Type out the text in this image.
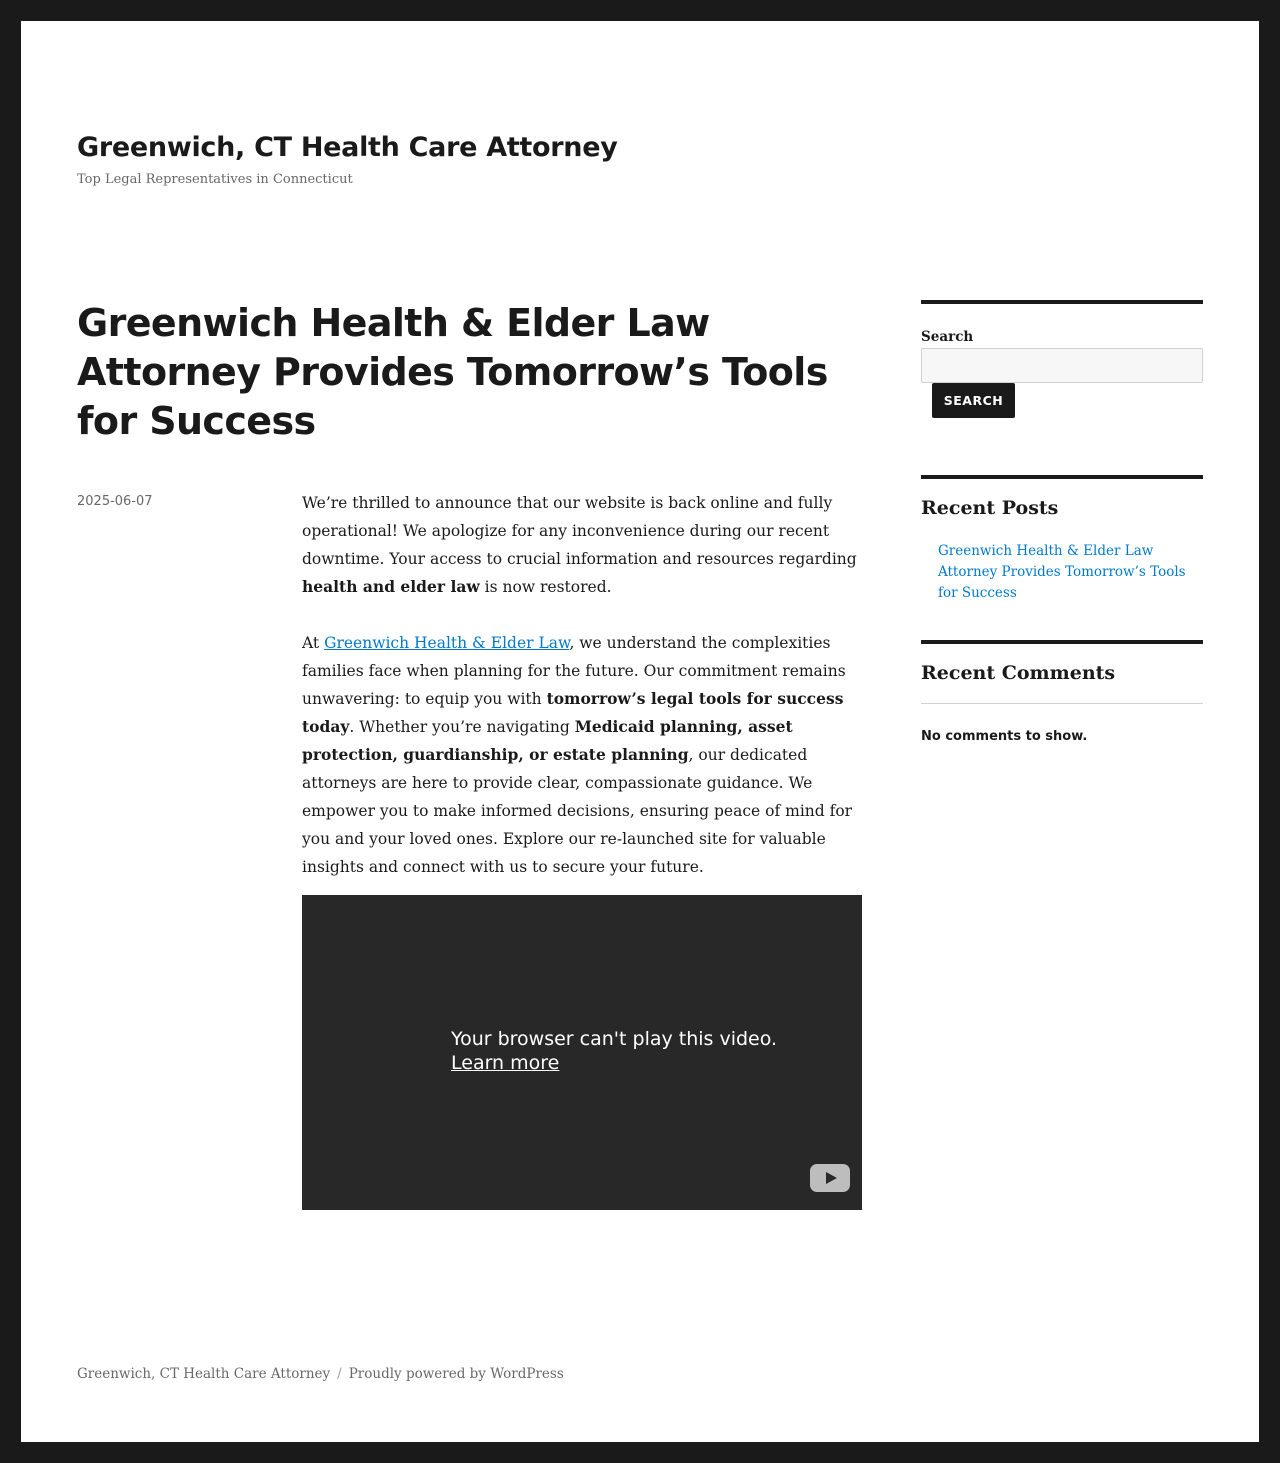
Greenwich, CT Health Care Attorney

Top Legal Representatives in Connecticut

Greenwich Health & Elder Law Attorney Provides Tomorrow’s Tools for Success
2025-06-07	We’re thrilled to announce that our website is back online and fully operational! We apologize for any inconvenience during our recent downtime. Your access to crucial information and resources regarding health and elder law is now restored.

At Greenwich Health & Elder Law, we understand the complexities families face when planning for the future. Our commitment remains unwavering: to equip you with tomorrow’s legal tools for success today. Whether you’re navigating Medicaid planning, asset protection, guardianship, or estate planning, our dedicated attorneys are here to provide clear, compassionate guidance. We empower you to make informed decisions, ensuring peace of mind for you and your loved ones. Explore our re-launched site for valuable insights and connect with us to secure your future.

Your browser can't play this video.
Learn more
Search
SEARCH
Recent Posts
Greenwich Health & Elder Law Attorney Provides Tomorrow’s Tools for Success
Recent Comments
No comments to show.
Greenwich, CT Health Care Attorney / Proudly powered by WordPress
